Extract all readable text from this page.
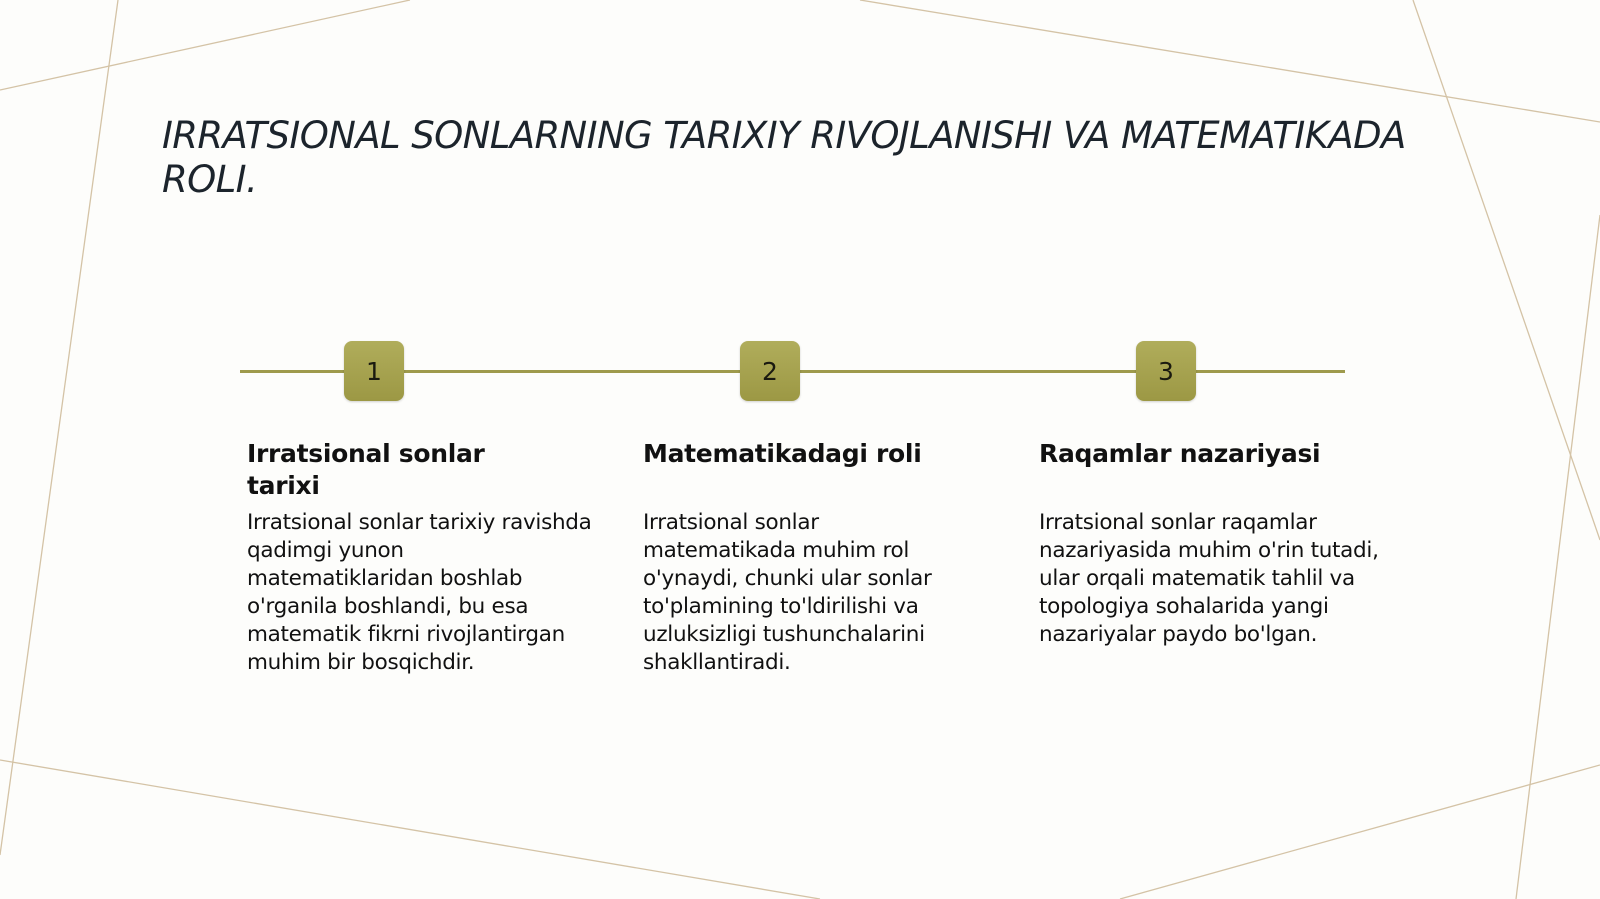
IRRATSIONAL SONLARNING TARIXIY RIVOJLANISHI VA MATEMATIKADA ROLI.
1	2	3
Irratsional sonlar tarixi
Matematikadagi roli	Raqamlar nazariyasi

Irratsional sonlar tarixiy ravishda qadimgi yunon matematiklaridan boshlab o'rganila boshlandi, bu esa matematik fikrni rivojlantirgan muhim bir bosqichdir.

Irratsional sonlar matematikada muhim rol o'ynaydi, chunki ular sonlar to'plamining to'ldirilishi va uzluksizligi tushunchalarini shakllantiradi.

Irratsional sonlar raqamlar nazariyasida muhim o'rin tutadi, ular orqali matematik tahlil va topologiya sohalarida yangi nazariyalar paydo bo'lgan.
